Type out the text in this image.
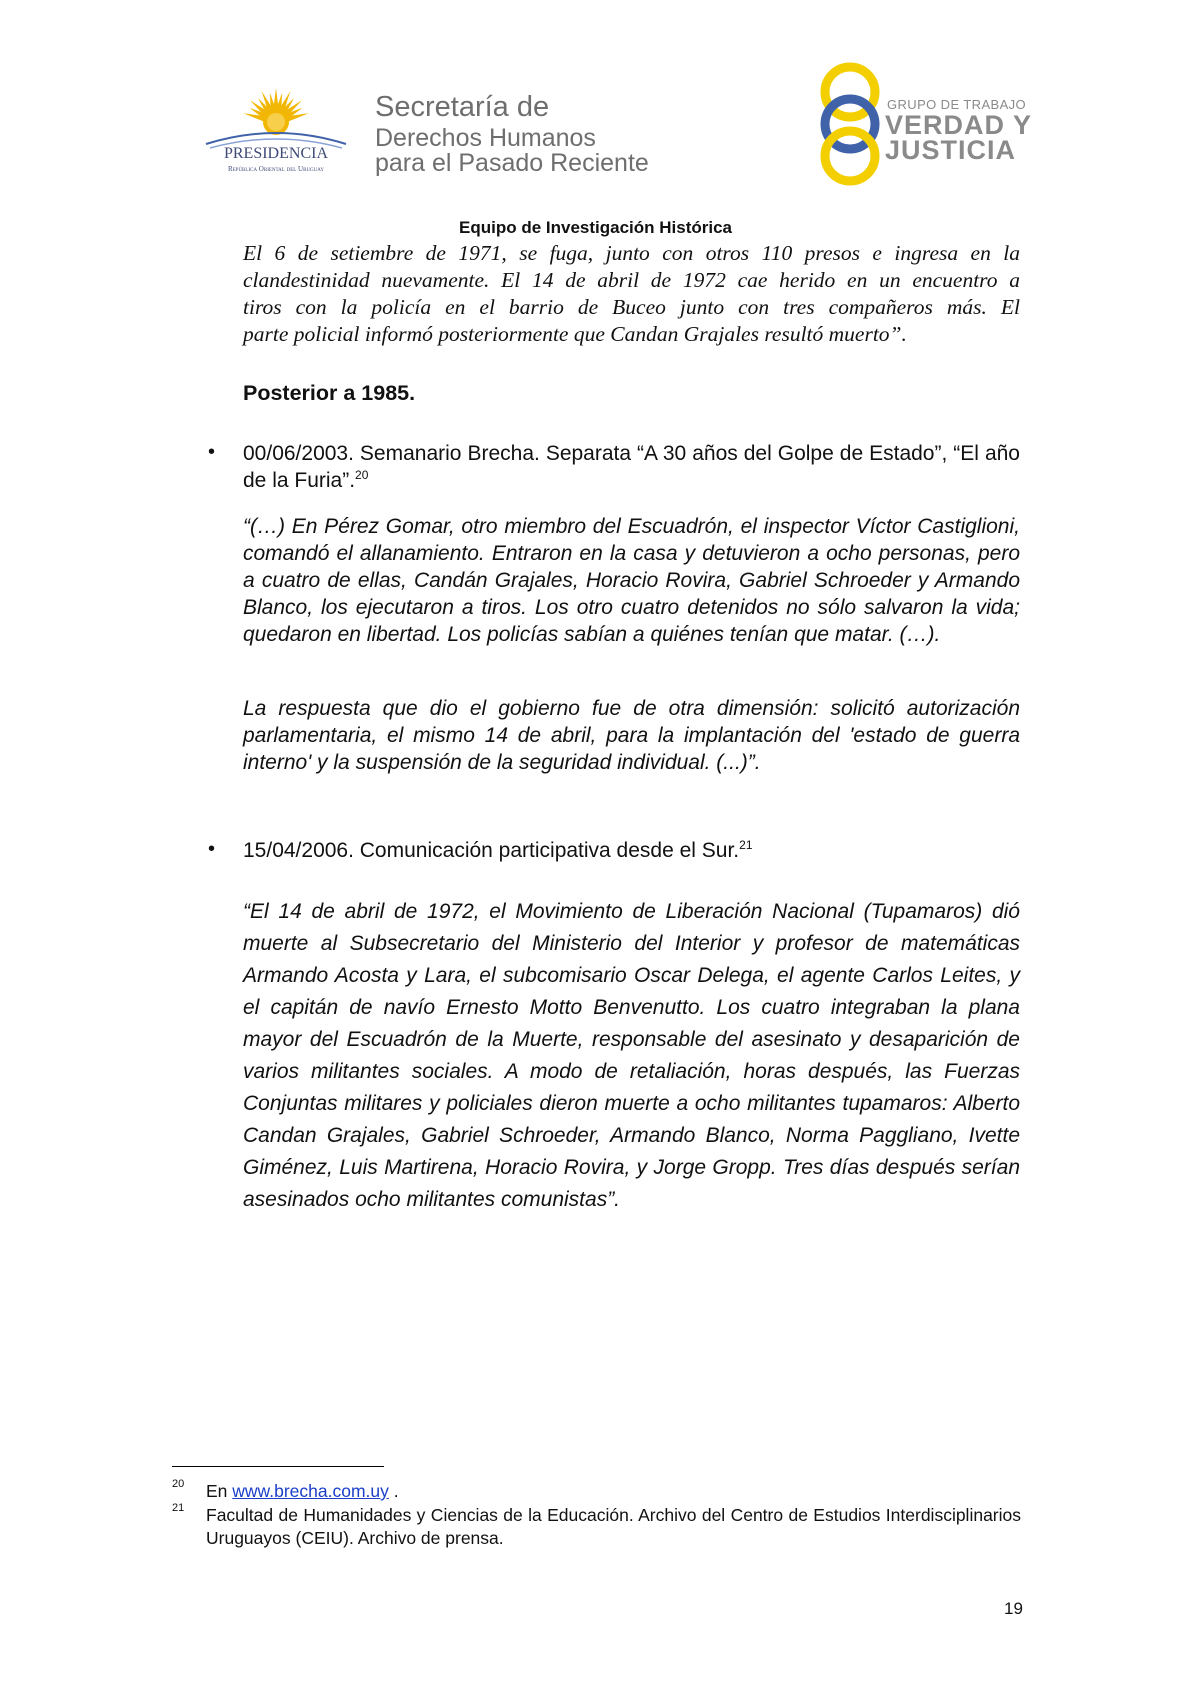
PRESIDENCIA
República Oriental del Uruguay
Secretaría de
Derechos Humanos
para el Pasado Reciente
GRUPO DE TRABAJO
VERDAD Y
JUSTICIA
Equipo de Investigación Histórica
El 6 de setiembre de 1971, se fuga, junto con otros 110 presos e ingresa en la
clandestinidad nuevamente. El 14 de abril de 1972 cae herido en un encuentro a
tiros con la policía en el barrio de Buceo junto con tres compañeros más. El
parte policial informó posteriormente que Candan Grajales resultó muerto”.
Posterior a 1985.
• 00/06/2003. Semanario Brecha. Separata “A 30 años del Golpe de Estado”, “El año de la Furia”.$^{20}$
“(…) En Pérez Gomar, otro miembro del Escuadrón, el inspector Víctor Castiglioni, comandó el allanamiento. Entraron en la casa y detuvieron a ocho personas, pero a cuatro de ellas, Candán Grajales, Horacio Rovira, Gabriel Schroeder y Armando Blanco, los ejecutaron a tiros. Los otro cuatro detenidos no sólo salvaron la vida; quedaron en libertad. Los policías sabían a quiénes tenían que matar. (…).
La respuesta que dio el gobierno fue de otra dimensión: solicitó autorización parlamentaria, el mismo 14 de abril, para la implantación del 'estado de guerra interno' y la suspensión de la seguridad individual. (...)”.
• 15/04/2006. Comunicación participativa desde el Sur.$^{21}$
“El 14 de abril de 1972, el Movimiento de Liberación Nacional (Tupamaros) dió muerte al Subsecretario del Ministerio del Interior y profesor de matemáticas Armando Acosta y Lara, el subcomisario Oscar Delega, el agente Carlos Leites, y el capitán de navío Ernesto Motto Benvenutto. Los cuatro integraban la plana mayor del Escuadrón de la Muerte, responsable del asesinato y desaparición de varios militantes sociales. A modo de retaliación, horas después, las Fuerzas Conjuntas militares y policiales dieron muerte a ocho militantes tupamaros: Alberto Candan Grajales, Gabriel Schroeder, Armando Blanco, Norma Paggliano, Ivette Giménez, Luis Martirena, Horacio Rovira, y Jorge Gropp. Tres días después serían asesinados ocho militantes comunistas”.
20 En www.brecha.com.uy .
21 Facultad de Humanidades y Ciencias de la Educación. Archivo del Centro de Estudios Interdisciplinarios Uruguayos (CEIU). Archivo de prensa.
19
